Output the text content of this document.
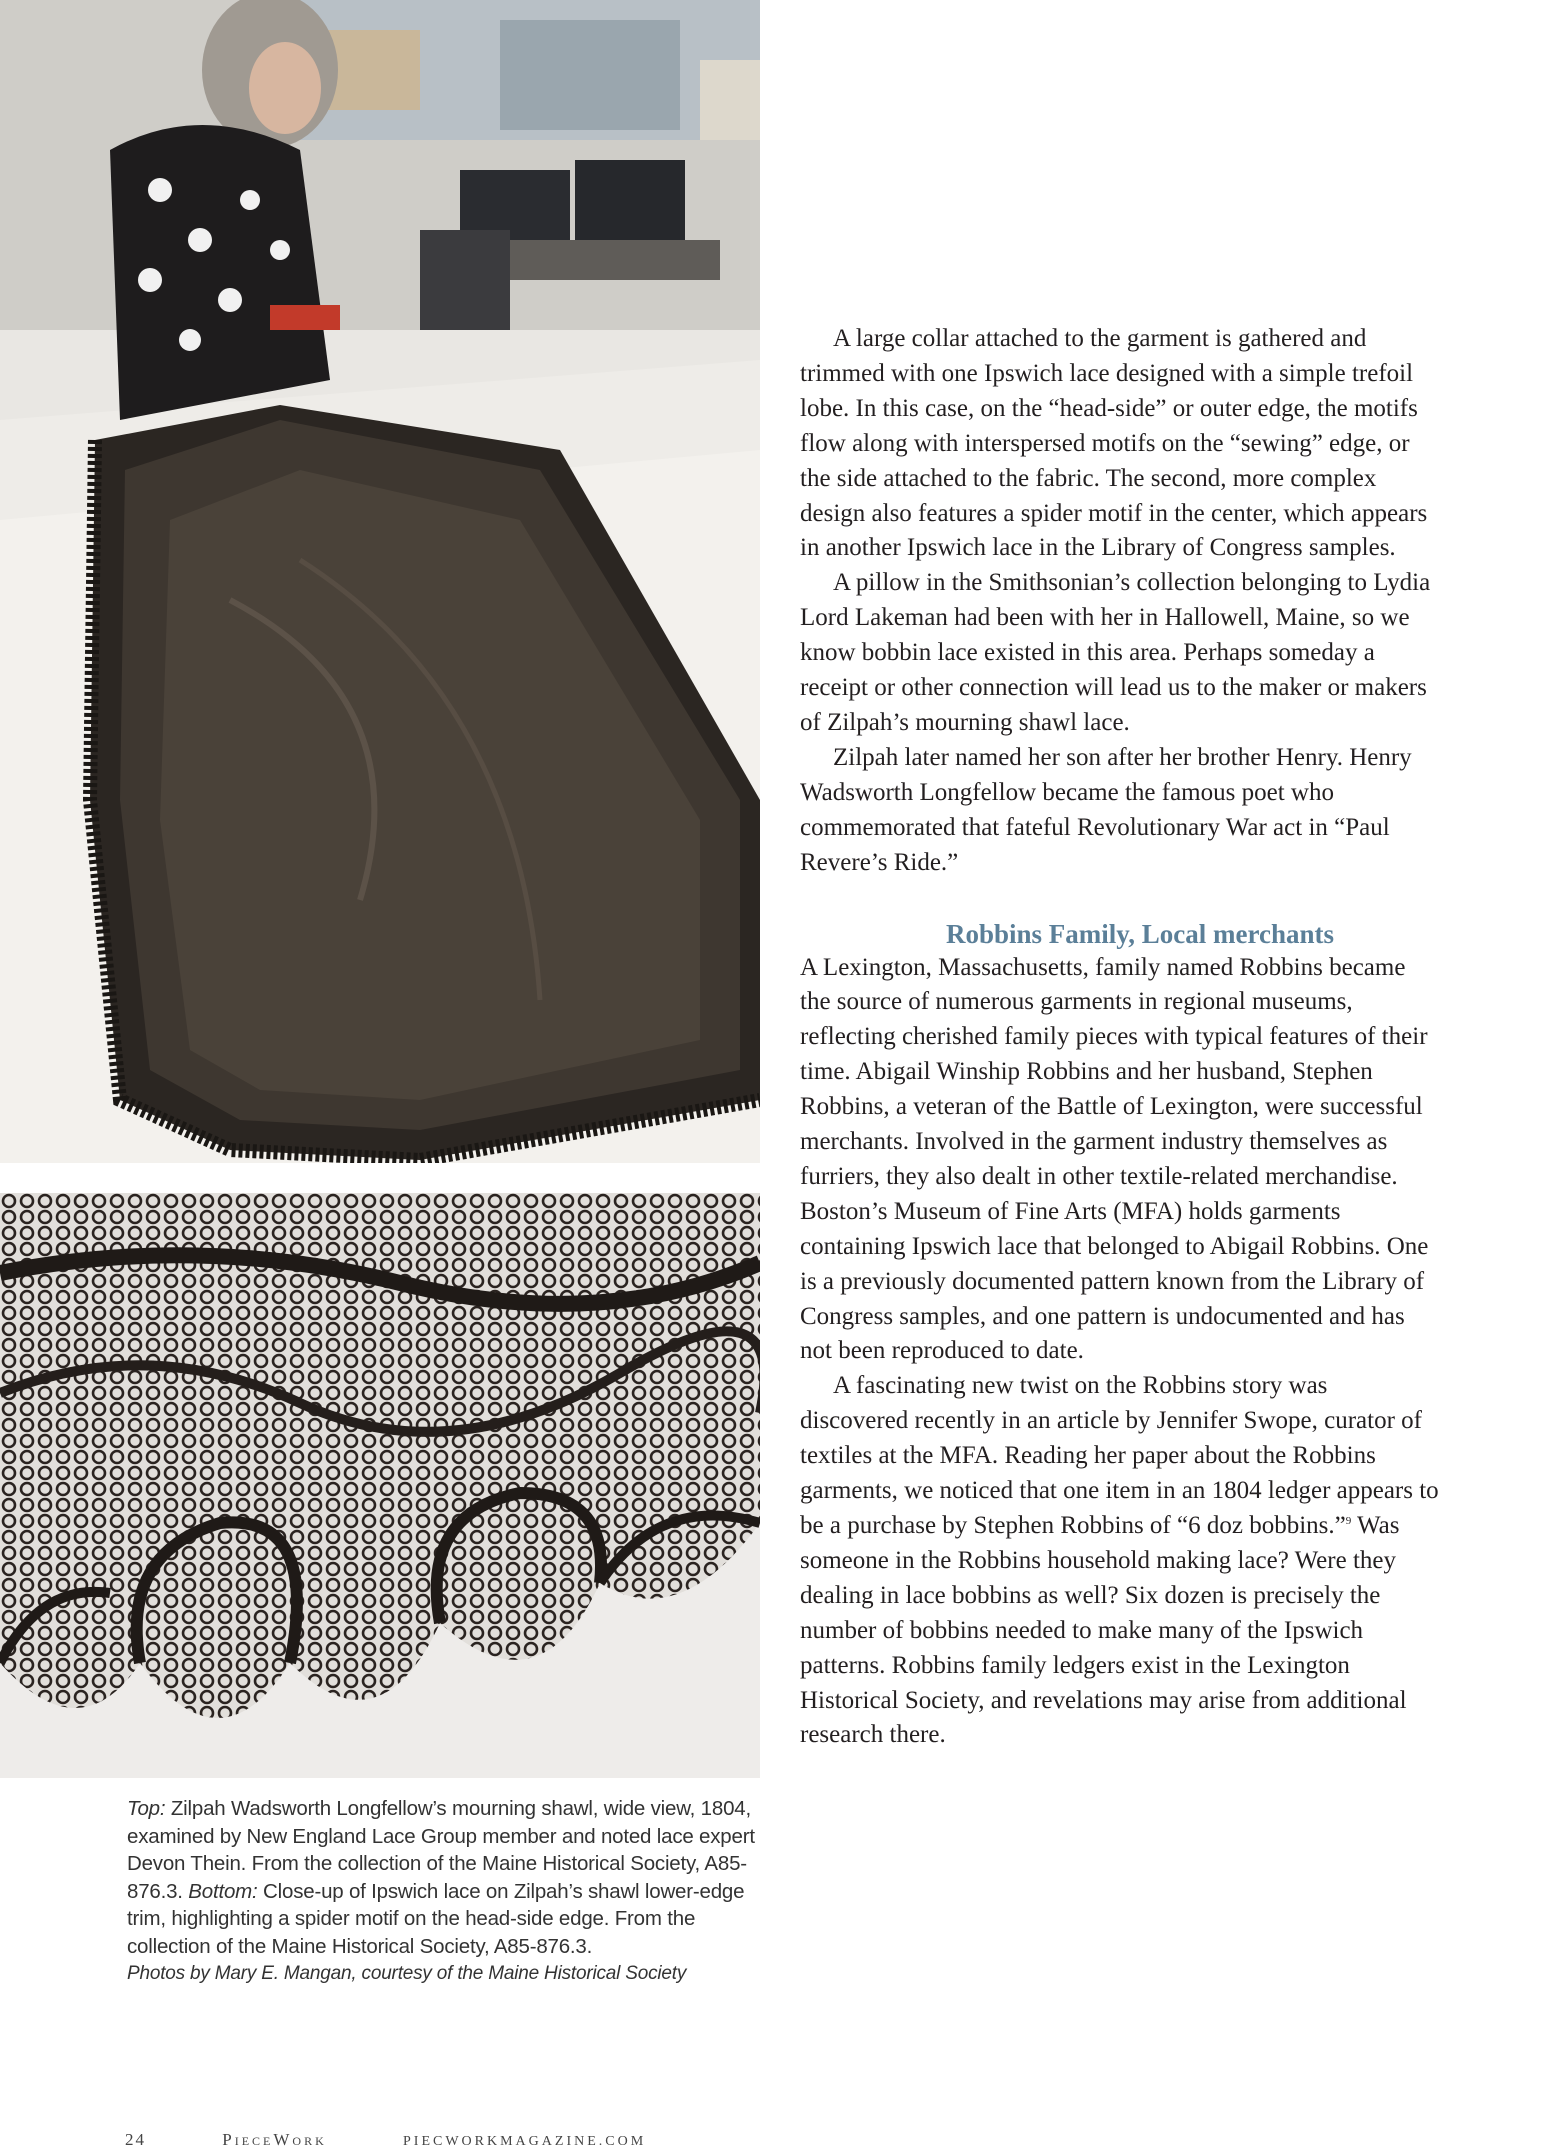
Top: Zilpah Wadsworth Longfellow’s mourning shawl, wide view, 1804, examined by New England Lace Group member and noted lace expert Devon Thein. From the collection of the Maine Historical Society, A85-876.3. Bottom: Close-up of Ipswich lace on Zilpah’s shawl lower-edge trim, highlighting a spider motif on the head-side edge. From the collection of the Maine Historical Society, A85-876.3.
Photos by Mary E. Mangan, courtesy of the Maine Historical Society

A large collar attached to the garment is gathered and trimmed with one Ipswich lace designed with a simple trefoil lobe. In this case, on the “head-side” or outer edge, the motifs flow along with interspersed motifs on the “sewing” edge, or the side attached to the fabric. The second, more complex design also features a spider motif in the center, which appears in another Ipswich lace in the Library of Congress samples.

A pillow in the Smithsonian’s collection belonging to Lydia Lord Lakeman had been with her in Hallowell, Maine, so we know bobbin lace existed in this area. Perhaps someday a receipt or other connection will lead us to the maker or makers of Zilpah’s mourning shawl lace.

Zilpah later named her son after her brother Henry. Henry Wadsworth Longfellow became the famous poet who commemorated that fateful Revolutionary War act in “Paul Revere’s Ride.”

Robbins Family, Local merchants

A Lexington, Massachusetts, family named Robbins became the source of numerous garments in regional museums, reflecting cherished family pieces with typical features of their time. Abigail Winship Robbins and her husband, Stephen Robbins, a veteran of the Battle of Lexington, were successful merchants. Involved in the garment industry themselves as furriers, they also dealt in other textile-related merchandise. Boston’s Museum of Fine Arts (MFA) holds garments containing Ipswich lace that belonged to Abigail Robbins. One is a previously documented pattern known from the Library of Congress samples, and one pattern is undocumented and has not been reproduced to date.

A fascinating new twist on the Robbins story was discovered recently in an article by Jennifer Swope, curator of textiles at the MFA. Reading her paper about the Robbins garments, we noticed that one item in an 1804 ledger appears to be a purchase by Stephen Robbins of “6 doz bobbins.”$^9$ Was someone in the Robbins household making lace? Were they dealing in lace bobbins as well? Six dozen is precisely the number of bobbins needed to make many of the Ipswich patterns. Robbins family ledgers exist in the Lexington Historical Society, and revelations may arise from additional research there.

24	PieceWork	PIECWORKMAGAZINE.COM
